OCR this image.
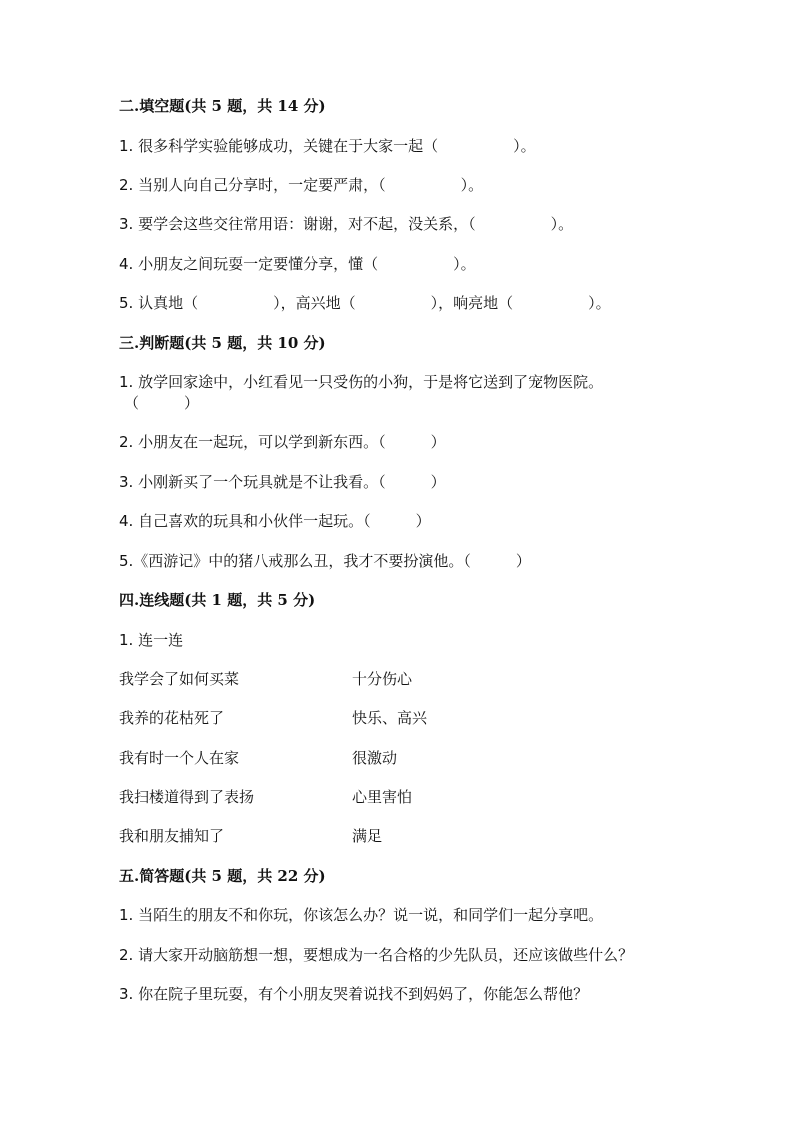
二.填空题(共 5 题，共 14 分)
1. 很多科学实验能够成功，关键在于大家一起（　　　　　）。
2. 当别人向自己分享时，一定要严肃，（　　　　　）。
3. 要学会这些交往常用语：谢谢，对不起，没关系，（　　　　　）。
4. 小朋友之间玩耍一定要懂分享，懂（　　　　　）。
5. 认真地（　　　　　），高兴地（　　　　　），响亮地（　　　　　）。
三.判断题(共 5 题，共 10 分)
1. 放学回家途中，小红看见一只受伤的小狗，于是将它送到了宠物医院。
（　　　）
2. 小朋友在一起玩，可以学到新东西。（　　　）
3. 小刚新买了一个玩具就是不让我看。（　　　）
4. 自己喜欢的玩具和小伙伴一起玩。（　　　）
5.《西游记》中的猪八戒那么丑，我才不要扮演他。（　　　）
四.连线题(共 1 题，共 5 分)
1. 连一连
我学会了如何买菜	十分伤心
我养的花枯死了	快乐、高兴
我有时一个人在家	很激动
我扫楼道得到了表扬	心里害怕
我和朋友捕知了	满足
五.简答题(共 5 题，共 22 分)
1. 当陌生的朋友不和你玩，你该怎么办？说一说，和同学们一起分享吧。
2. 请大家开动脑筋想一想，要想成为一名合格的少先队员，还应该做些什么？
3. 你在院子里玩耍，有个小朋友哭着说找不到妈妈了，你能怎么帮他？
